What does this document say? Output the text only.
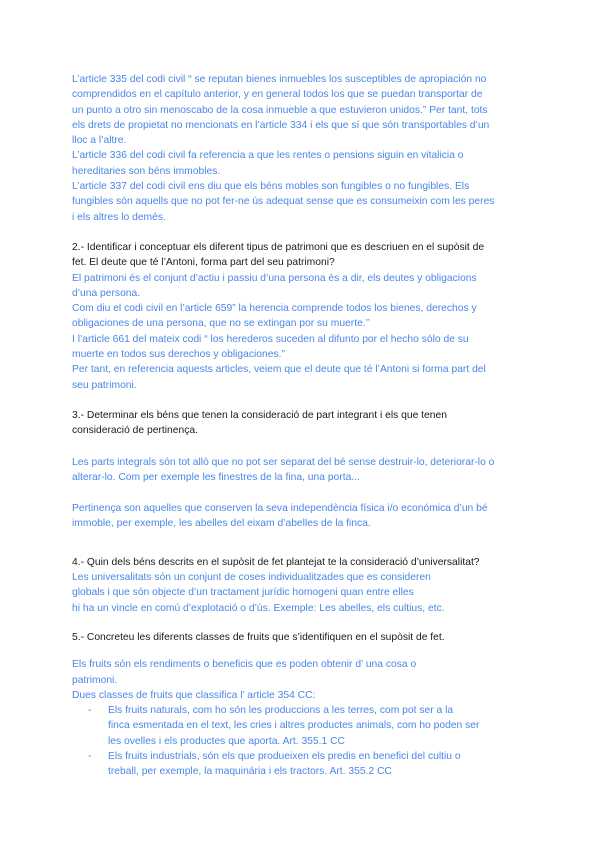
L’article 335 del codi civil “ se reputan bienes inmuebles los susceptibles de apropiación no
comprendidos en el capítulo anterior, y en general todos los que se puedan transportar de
un punto a otro sin menoscabo de la cosa inmueble a que estuvieron unidos.” Per tant, tots
els drets de propietat no mencionats en l’article 334 i els que sí que són transportables d’un
lloc a l’altre.
L’article 336 del codi civil fa referencia a que les rentes o pensions siguin en vitalicia o
hereditaries son béns immobles.
L’article 337 del codi civil ens diu que els béns mobles son fungibles o no fungibles. Els
fungibles són aquells que no pot fer-ne ús adequat sense que es consumeixin com les peres
i els altres lo demés.
2.- Identificar i conceptuar els diferent tipus de patrimoni que es descriuen en el supòsit de
fet. El deute que té l’Antoni, forma part del seu patrimoni?
El patrimoni és el conjunt d’actiu i passiu d’una persona és a dir, els deutes y obligacions
d’una persona.
Com diu el codi civil en l’article 659” la herencia comprende todos los bienes, derechos y
obligaciones de una persona, que no se extingan por su muerte.’’
I l’article 661 del mateix codi “ los herederos suceden al difunto por el hecho sólo de su
muerte en todos sus derechos y obligaciones.”
Per tant, en referencia aquests articles, veiem que el deute que té l’Antoni si forma part del
seu patrimoni.
3.- Determinar els béns que tenen la consideració de part integrant i els que tenen
consideració de pertinença.
Les parts integrals són tot allò que no pot ser separat del bé sense destruir-lo, deteriorar-lo o
alterar-lo. Com per exemple les finestres de la fina, una porta...
Pertinença son aquelles que conserven la seva independència física i/o económica d’un bé
immoble, per exemple, les abelles del eixam d’abelles de la finca.
4.- Quin dels béns descrits en el supòsit de fet plantejat te la consideració d’universalitat?
Les universalitats són un conjunt de coses individualitzades que es consideren
globals i que són objecte d’un tractament jurídic homogeni quan entre elles
hi ha un vincle en comú d’explotació o d’ús. Exemple: Les abelles, els cultius, etc.
5.- Concreteu les diferents classes de fruits que s’identifiquen en el supòsit de fet.
Els fruits són els rendiments o beneficis que es poden obtenir d’ una cosa o
patrimoni.
Dues classes de fruits que classifica l’ article 354 CC:
- Els fruits naturals, com ho són les produccions a les terres, com pot ser a la
finca esmentada en el text, les cries i altres productes animals, com ho poden ser
les ovelles i els productes que aporta. Art. 355.1 CC
- Els fruits industrials, són els que produeixen els predis en benefici del cultiu o
treball, per exemple, la maquinária i els tractors. Art. 355.2 CC
